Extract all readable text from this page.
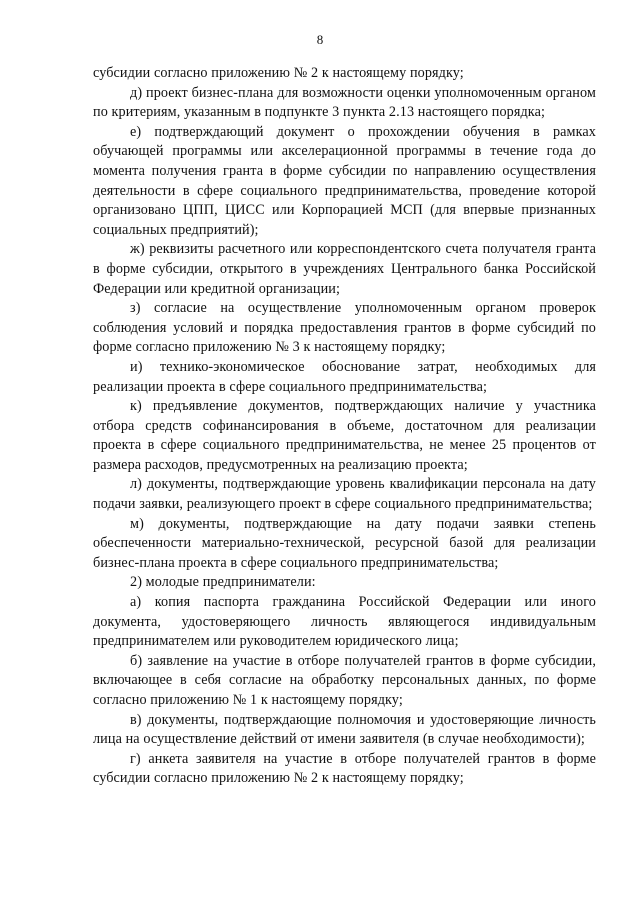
8

субсидии согласно приложению № 2 к настоящему порядку;

д) проект бизнес-плана для возможности оценки уполномоченным органом по критериям, указанным в подпункте 3 пункта 2.13 настоящего порядка;

е) подтверждающий документ о прохождении обучения в рамках обучающей программы или акселерационной программы в течение года до момента получения гранта в форме субсидии по направлению осуществления деятельности в сфере социального предпринимательства, проведение которой организовано ЦПП, ЦИСС или Корпорацией МСП (для впервые признанных социальных предприятий);

ж) реквизиты расчетного или корреспондентского счета получателя гранта в форме субсидии, открытого в учреждениях Центрального банка Российской Федерации или кредитной организации;

з) согласие на осуществление уполномоченным органом проверок соблюдения условий и порядка предоставления грантов в форме субсидий по форме согласно приложению № 3 к настоящему порядку;

и) технико-экономическое обоснование затрат, необходимых для реализации проекта в сфере социального предпринимательства;

к) предъявление документов, подтверждающих наличие у участника отбора средств софинансирования в объеме, достаточном для реализации проекта в сфере социального предпринимательства, не менее 25 процентов от размера расходов, предусмотренных на реализацию проекта;

л) документы, подтверждающие уровень квалификации персонала на дату подачи заявки, реализующего проект в сфере социального предпринимательства;

м) документы, подтверждающие на дату подачи заявки степень обеспеченности материально-технической, ресурсной базой для реализации бизнес-плана проекта в сфере социального предпринимательства;

2) молодые предприниматели:

а) копия паспорта гражданина Российской Федерации или иного документа, удостоверяющего личность являющегося индивидуальным предпринимателем или руководителем юридического лица;

б) заявление на участие в отборе получателей грантов в форме субсидии, включающее в себя согласие на обработку персональных данных, по форме согласно приложению № 1 к настоящему порядку;

в) документы, подтверждающие полномочия и удостоверяющие личность лица на осуществление действий от имени заявителя (в случае необходимости);

г) анкета заявителя на участие в отборе получателей грантов в форме субсидии согласно приложению № 2 к настоящему порядку;
